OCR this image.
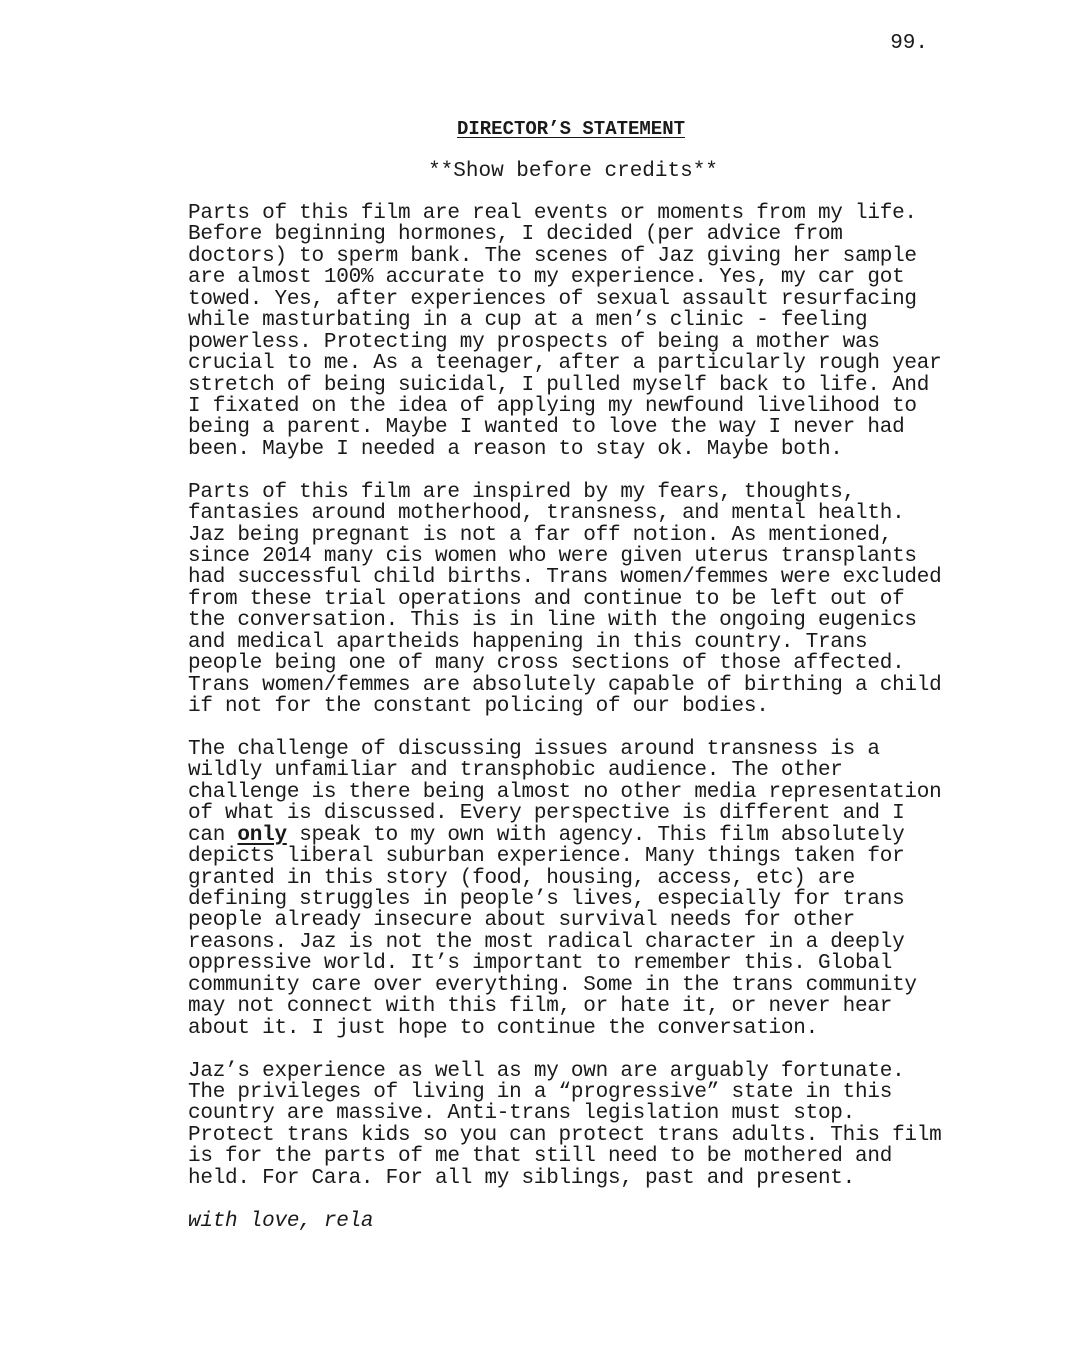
99.
DIRECTOR’S STATEMENT
**Show before credits**
Parts of this film are real events or moments from my life.
Before beginning hormones, I decided (per advice from
doctors) to sperm bank. The scenes of Jaz giving her sample
are almost 100% accurate to my experience. Yes, my car got
towed. Yes, after experiences of sexual assault resurfacing
while masturbating in a cup at a men’s clinic - feeling
powerless. Protecting my prospects of being a mother was
crucial to me. As a teenager, after a particularly rough year
stretch of being suicidal, I pulled myself back to life. And
I fixated on the idea of applying my newfound livelihood to
being a parent. Maybe I wanted to love the way I never had
been. Maybe I needed a reason to stay ok. Maybe both.
Parts of this film are inspired by my fears, thoughts,
fantasies around motherhood, transness, and mental health.
Jaz being pregnant is not a far off notion. As mentioned,
since 2014 many cis women who were given uterus transplants
had successful child births. Trans women/femmes were excluded
from these trial operations and continue to be left out of
the conversation. This is in line with the ongoing eugenics
and medical apartheids happening in this country. Trans
people being one of many cross sections of those affected.
Trans women/femmes are absolutely capable of birthing a child
if not for the constant policing of our bodies.
The challenge of discussing issues around transness is a
wildly unfamiliar and transphobic audience. The other
challenge is there being almost no other media representation
of what is discussed. Every perspective is different and I
can only speak to my own with agency. This film absolutely
depicts liberal suburban experience. Many things taken for
granted in this story (food, housing, access, etc) are
defining struggles in people’s lives, especially for trans
people already insecure about survival needs for other
reasons. Jaz is not the most radical character in a deeply
oppressive world. It’s important to remember this. Global
community care over everything. Some in the trans community
may not connect with this film, or hate it, or never hear
about it. I just hope to continue the conversation.
Jaz’s experience as well as my own are arguably fortunate.
The privileges of living in a “progressive” state in this
country are massive. Anti-trans legislation must stop.
Protect trans kids so you can protect trans adults. This film
is for the parts of me that still need to be mothered and
held. For Cara. For all my siblings, past and present.
with love, rela
